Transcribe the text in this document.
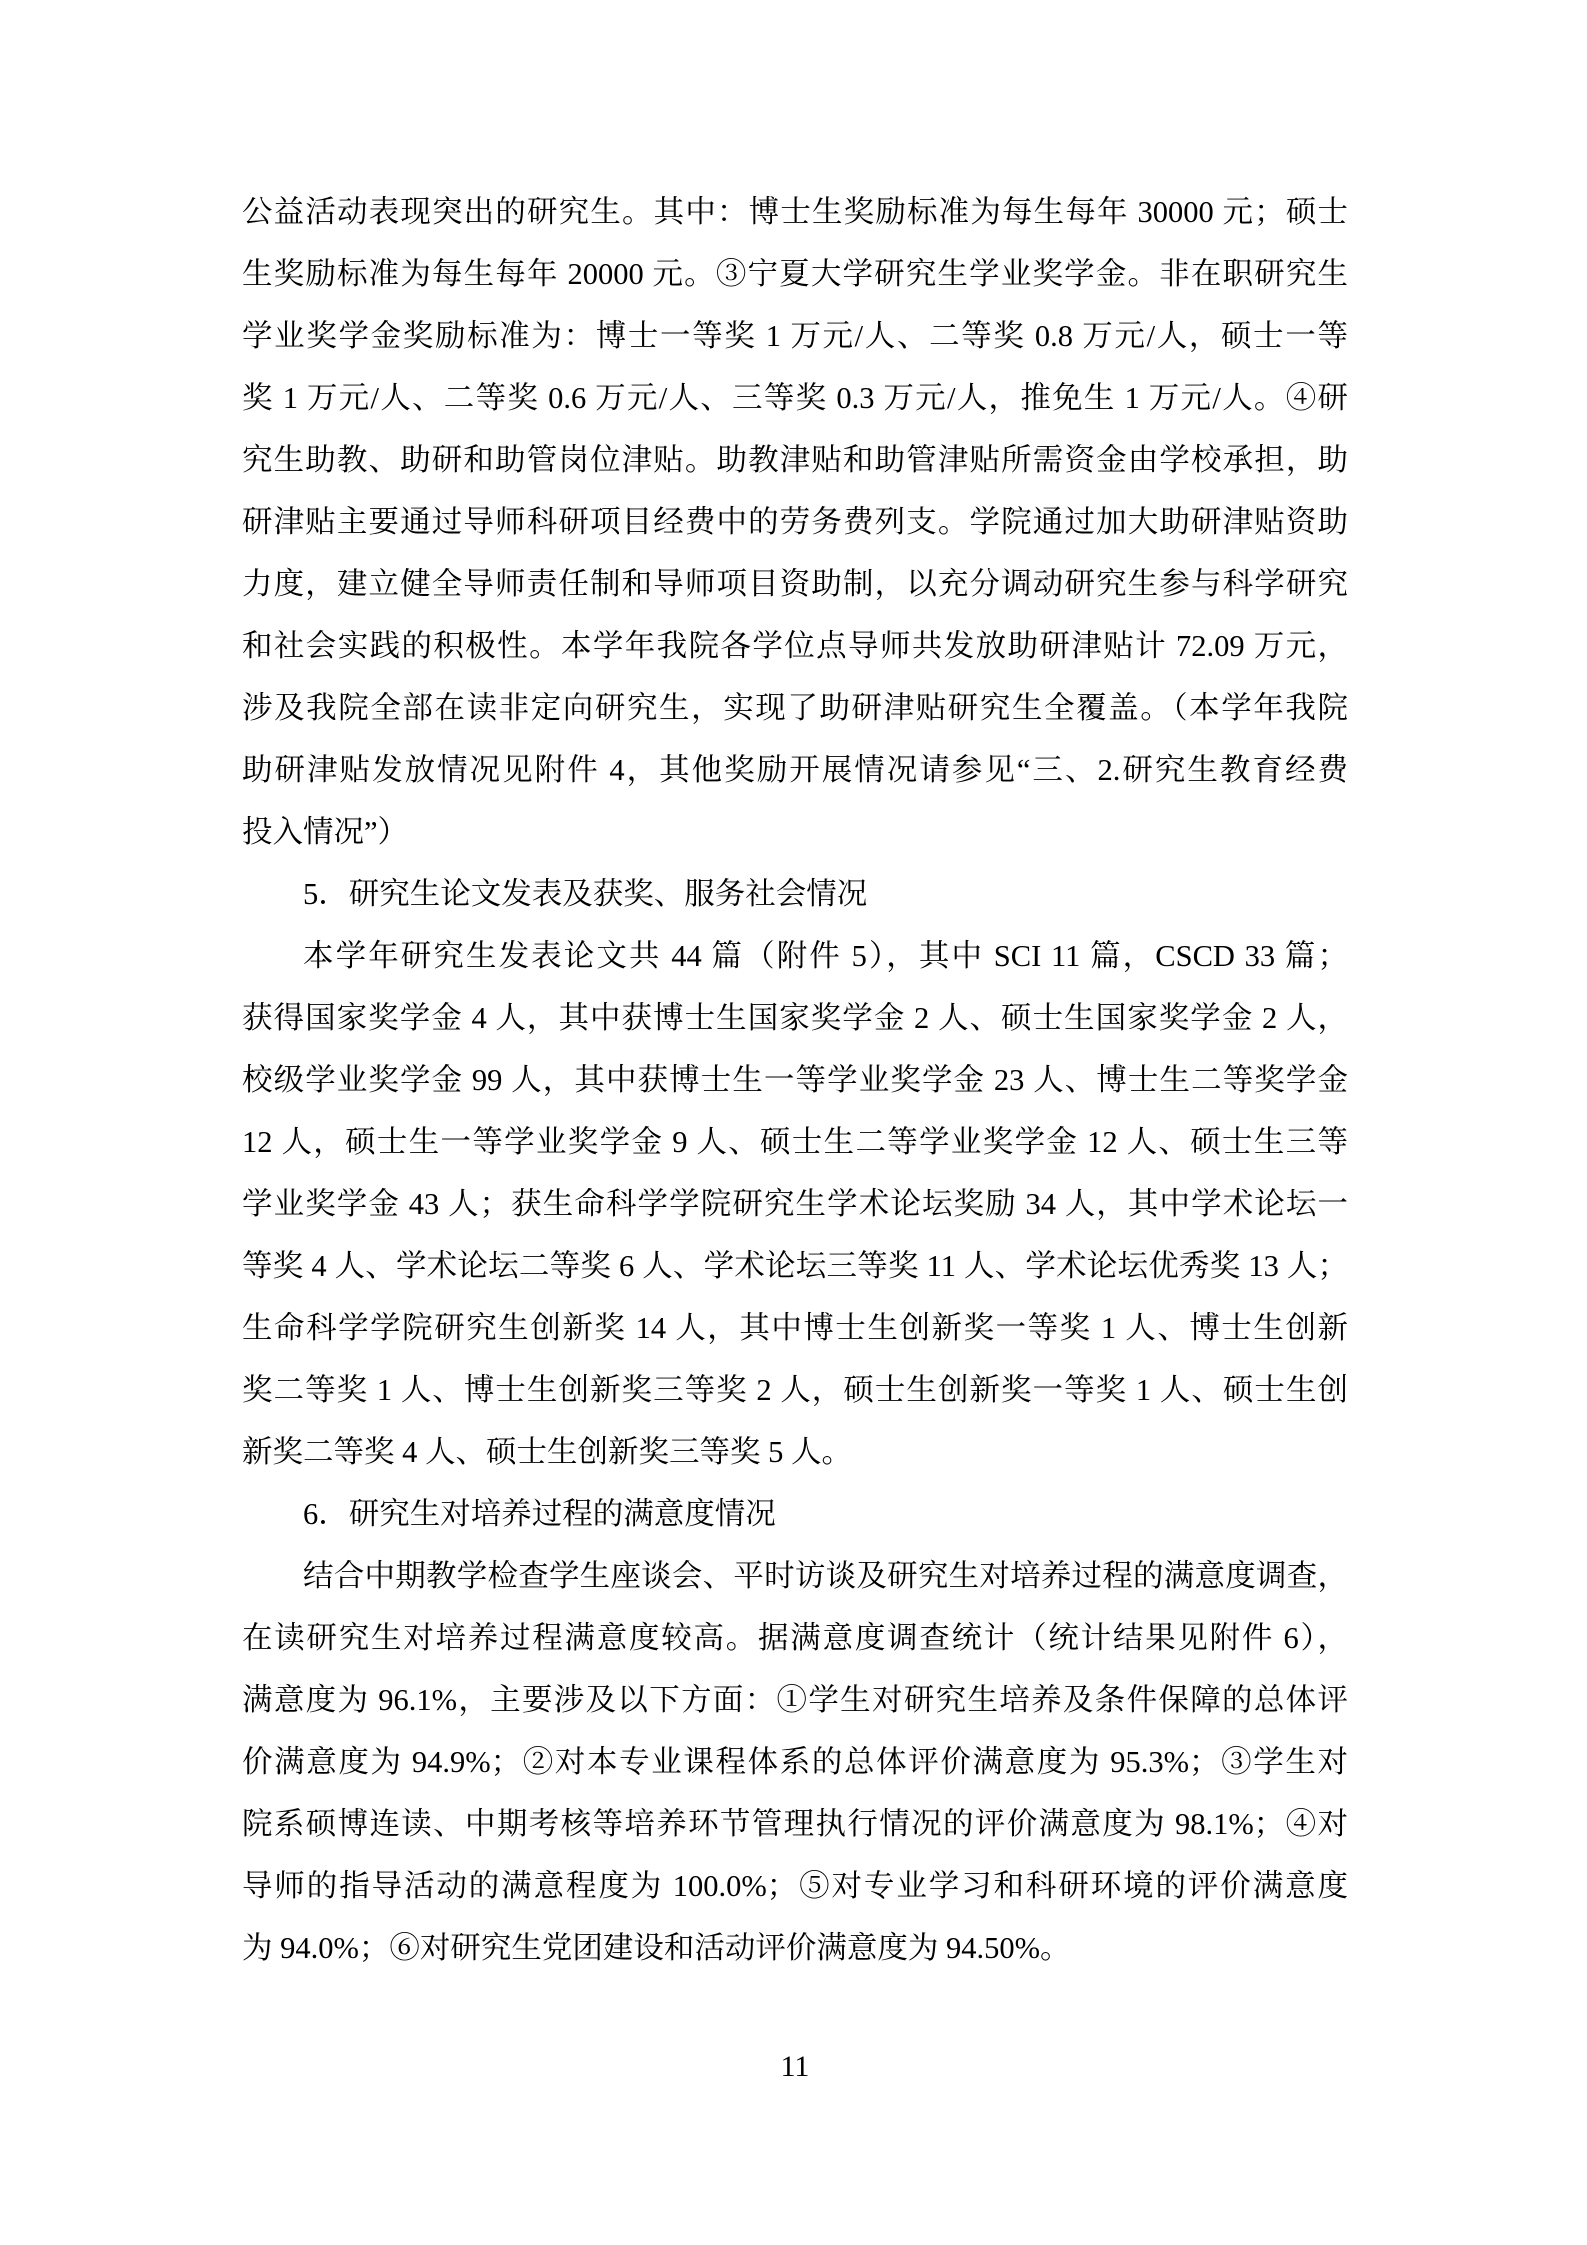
公益活动表现突出的研究生。其中：博士生奖励标准为每生每年 30000 元；硕士
生奖励标准为每生每年 20000 元。③宁夏大学研究生学业奖学金。非在职研究生
学业奖学金奖励标准为：博士一等奖 1 万元/人、二等奖 0.8 万元/人，硕士一等
奖 1 万元/人、二等奖 0.6 万元/人、三等奖 0.3 万元/人，推免生 1 万元/人。④研
究生助教、助研和助管岗位津贴。助教津贴和助管津贴所需资金由学校承担，助
研津贴主要通过导师科研项目经费中的劳务费列支。学院通过加大助研津贴资助
力度，建立健全导师责任制和导师项目资助制，以充分调动研究生参与科学研究
和社会实践的积极性。本学年我院各学位点导师共发放助研津贴计 72.09 万元，
涉及我院全部在读非定向研究生，实现了助研津贴研究生全覆盖。（本学年我院
助研津贴发放情况见附件 4，其他奖励开展情况请参见“三、2.研究生教育经费
投入情况”）
5．研究生论文发表及获奖、服务社会情况
本学年研究生发表论文共 44 篇（附件 5），其中 SCI 11 篇，CSCD 33 篇；
获得国家奖学金 4 人，其中获博士生国家奖学金 2 人、硕士生国家奖学金 2 人，
校级学业奖学金 99 人，其中获博士生一等学业奖学金 23 人、博士生二等奖学金
12 人，硕士生一等学业奖学金 9 人、硕士生二等学业奖学金 12 人、硕士生三等
学业奖学金 43 人；获生命科学学院研究生学术论坛奖励 34 人，其中学术论坛一
等奖 4 人、学术论坛二等奖 6 人、学术论坛三等奖 11 人、学术论坛优秀奖 13 人；
生命科学学院研究生创新奖 14 人，其中博士生创新奖一等奖 1 人、博士生创新
奖二等奖 1 人、博士生创新奖三等奖 2 人，硕士生创新奖一等奖 1 人、硕士生创
新奖二等奖 4 人、硕士生创新奖三等奖 5 人。
6．研究生对培养过程的满意度情况
结合中期教学检查学生座谈会、平时访谈及研究生对培养过程的满意度调查，
在读研究生对培养过程满意度较高。据满意度调查统计（统计结果见附件 6），
满意度为 96.1%，主要涉及以下方面：①学生对研究生培养及条件保障的总体评
价满意度为 94.9%；②对本专业课程体系的总体评价满意度为 95.3%；③学生对
院系硕博连读、中期考核等培养环节管理执行情况的评价满意度为 98.1%；④对
导师的指导活动的满意程度为 100.0%；⑤对专业学习和科研环境的评价满意度
为 94.0%；⑥对研究生党团建设和活动评价满意度为 94.50%。
11
